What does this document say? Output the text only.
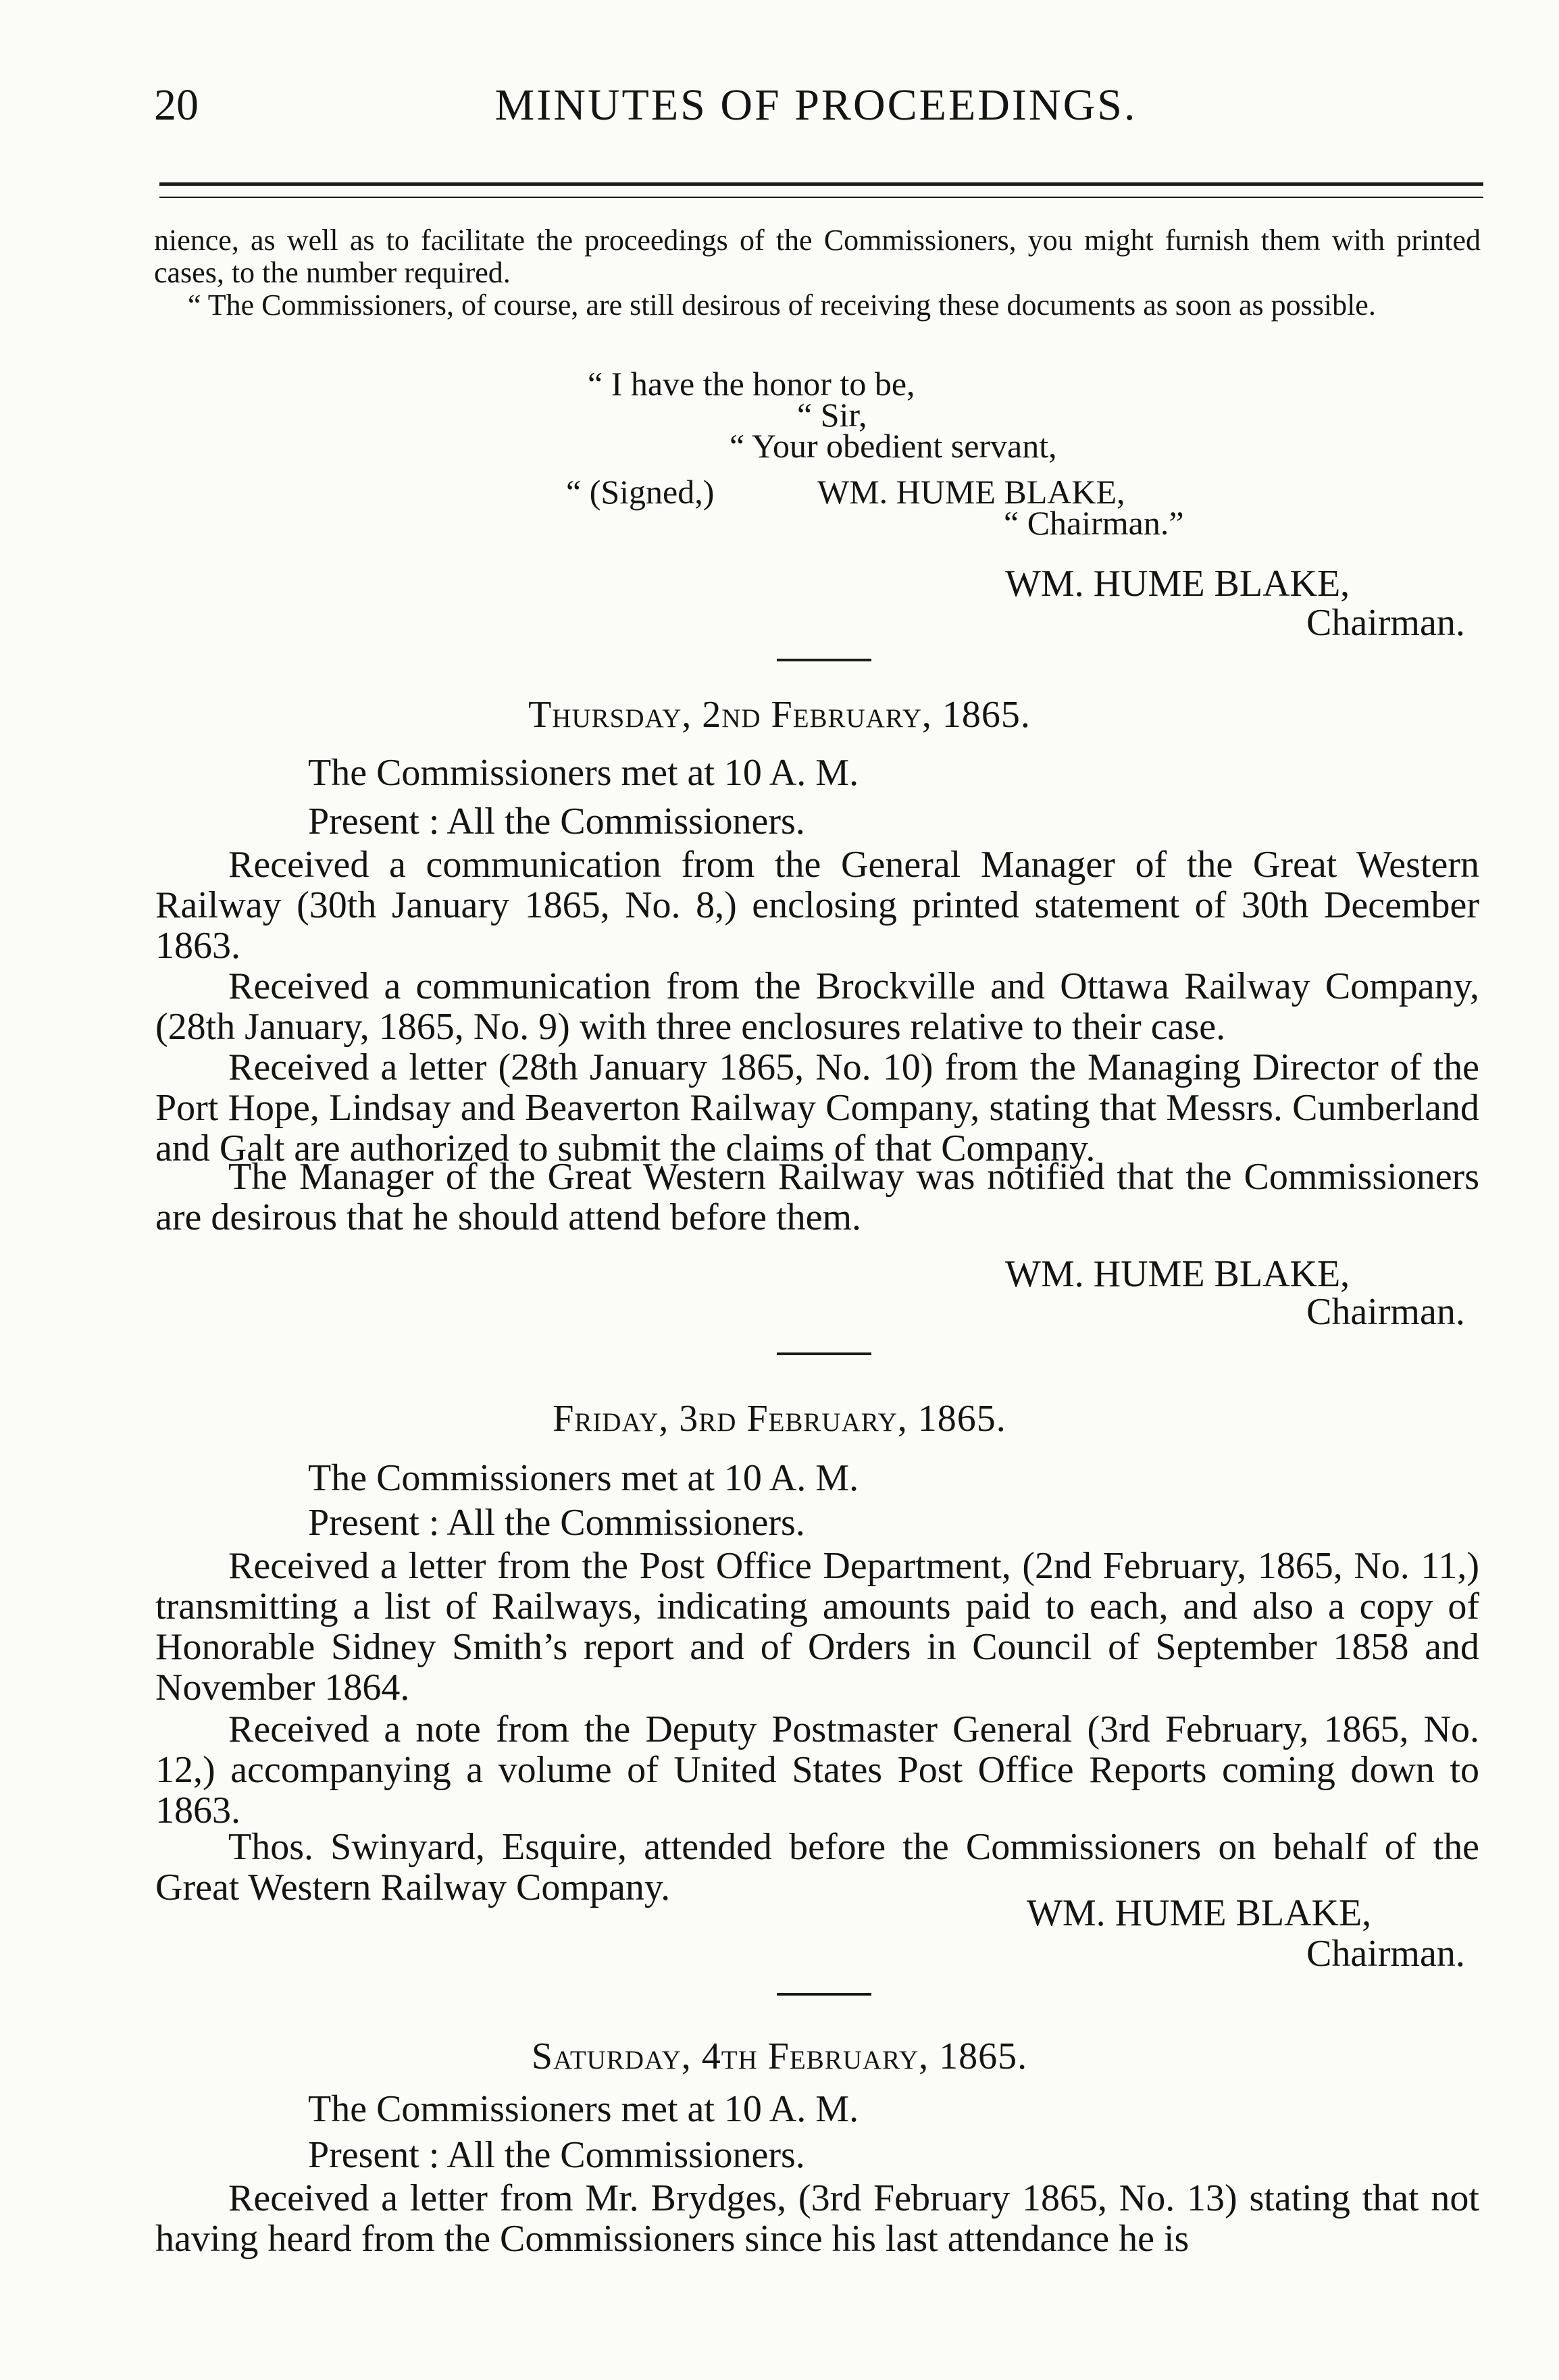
20	MINUTES OF PROCEEDINGS.

nience, as well as to facilitate the proceedings of the Commissioners, you might furnish them with printed cases, to the number required.

“ The Commissioners, of course, are still desirous of receiving these documents as soon as possible.

“ I have the honor to be,
“ Sir,
“ Your obedient servant,
“ (Signed,)	WM. HUME BLAKE,
“ Chairman.”
WM. HUME BLAKE,
Chairman.
Thursday, 2nd February, 1865.
The Commissioners met at 10 A. M.
Present : All the Commissioners.
Received a communication from the General Manager of the Great Western Railway (30th January 1865, No. 8,) enclosing printed statement of 30th December 1863.
Received a communication from the Brockville and Ottawa Railway Company, (28th January, 1865, No. 9) with three enclosures relative to their case.
Received a letter (28th January 1865, No. 10) from the Managing Director of the Port Hope, Lindsay and Beaverton Railway Company, stating that Messrs. Cumberland and Galt are authorized to submit the claims of that Company.
The Manager of the Great Western Railway was notified that the Commissioners are desirous that he should attend before them.
WM. HUME BLAKE,
Chairman.
Friday, 3rd February, 1865.
The Commissioners met at 10 A. M.
Present : All the Commissioners.
Received a letter from the Post Office Department, (2nd February, 1865, No. 11,) transmitting a list of Railways, indicating amounts paid to each, and also a copy of Honorable Sidney Smith’s report and of Orders in Council of September 1858 and November 1864.
Received a note from the Deputy Postmaster General (3rd February, 1865, No. 12,) accompanying a volume of United States Post Office Reports coming down to 1863.
Thos. Swinyard, Esquire, attended before the Commissioners on behalf of the Great Western Railway Company.
WM. HUME BLAKE,
Chairman.
Saturday, 4th February, 1865.
The Commissioners met at 10 A. M.
Present : All the Commissioners.
Received a letter from Mr. Brydges, (3rd February 1865, No. 13) stating that not having heard from the Commissioners since his last attendance he is
